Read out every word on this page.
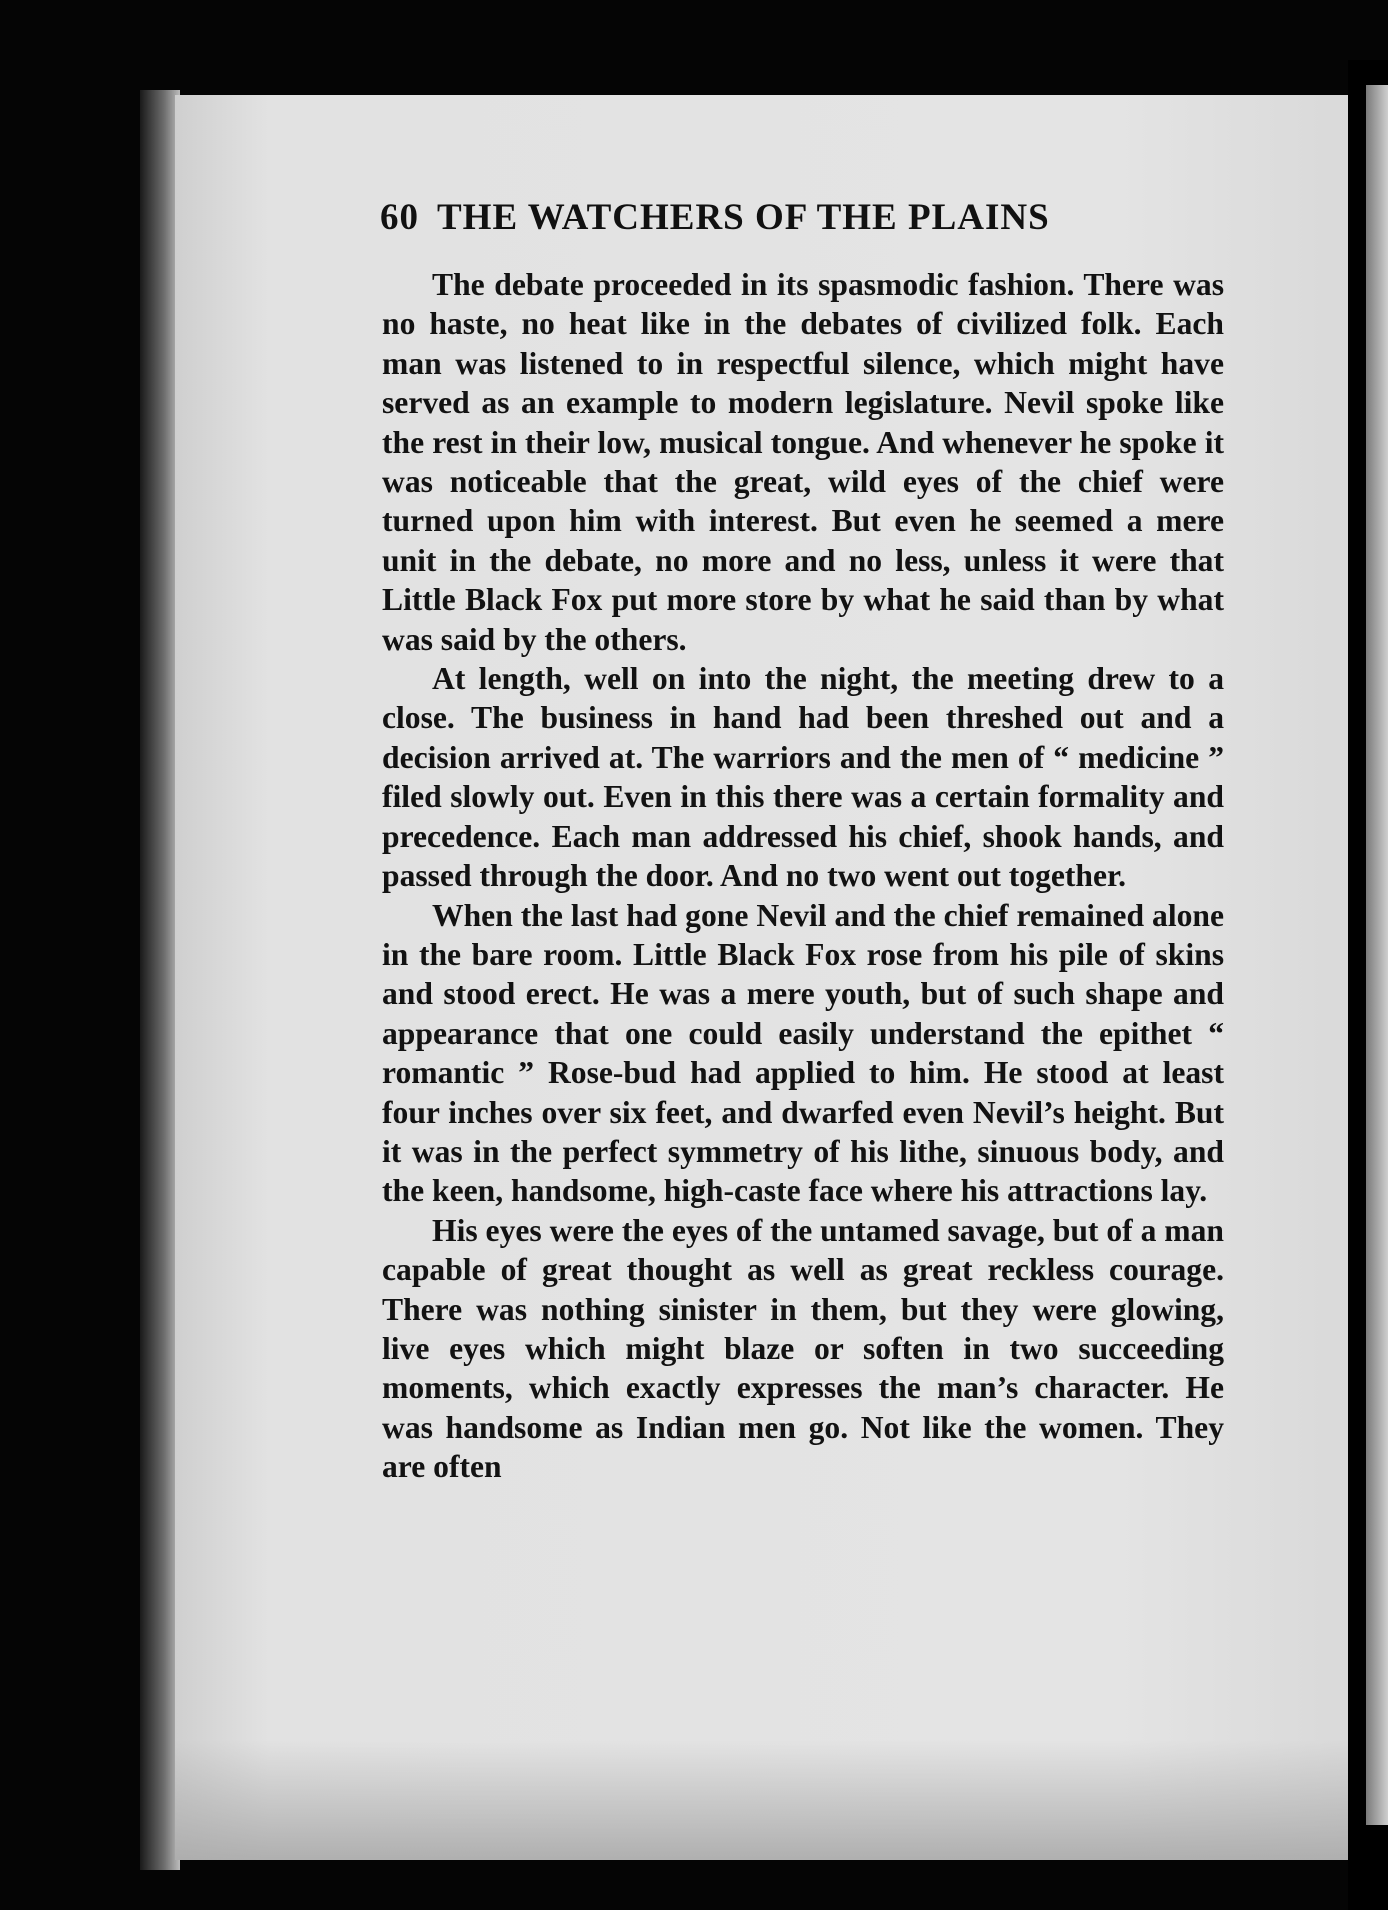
60 THE WATCHERS OF THE PLAINS

The debate proceeded in its spasmodic fashion. There was no haste, no heat like in the debates of civilized folk. Each man was listened to in respectful silence, which might have served as an example to modern legislature. Nevil spoke like the rest in their low, musical tongue. And whenever he spoke it was noticeable that the great, wild eyes of the chief were turned upon him with interest. But even he seemed a mere unit in the debate, no more and no less, unless it were that Little Black Fox put more store by what he said than by what was said by the others.

At length, well on into the night, the meeting drew to a close. The business in hand had been threshed out and a decision arrived at. The warriors and the men of “ medicine ” filed slowly out. Even in this there was a certain formality and precedence. Each man addressed his chief, shook hands, and passed through the door. And no two went out together.

When the last had gone Nevil and the chief remained alone in the bare room. Little Black Fox rose from his pile of skins and stood erect. He was a mere youth, but of such shape and appearance that one could easily understand the epithet “ romantic ” Rose-bud had applied to him. He stood at least four inches over six feet, and dwarfed even Nevil’s height. But it was in the perfect symmetry of his lithe, sinuous body, and the keen, handsome, high-caste face where his attractions lay.

His eyes were the eyes of the untamed savage, but of a man capable of great thought as well as great reckless courage. There was nothing sinister in them, but they were glowing, live eyes which might blaze or soften in two succeeding moments, which exactly expresses the man’s character. He was handsome as Indian men go. Not like the women. They are often
